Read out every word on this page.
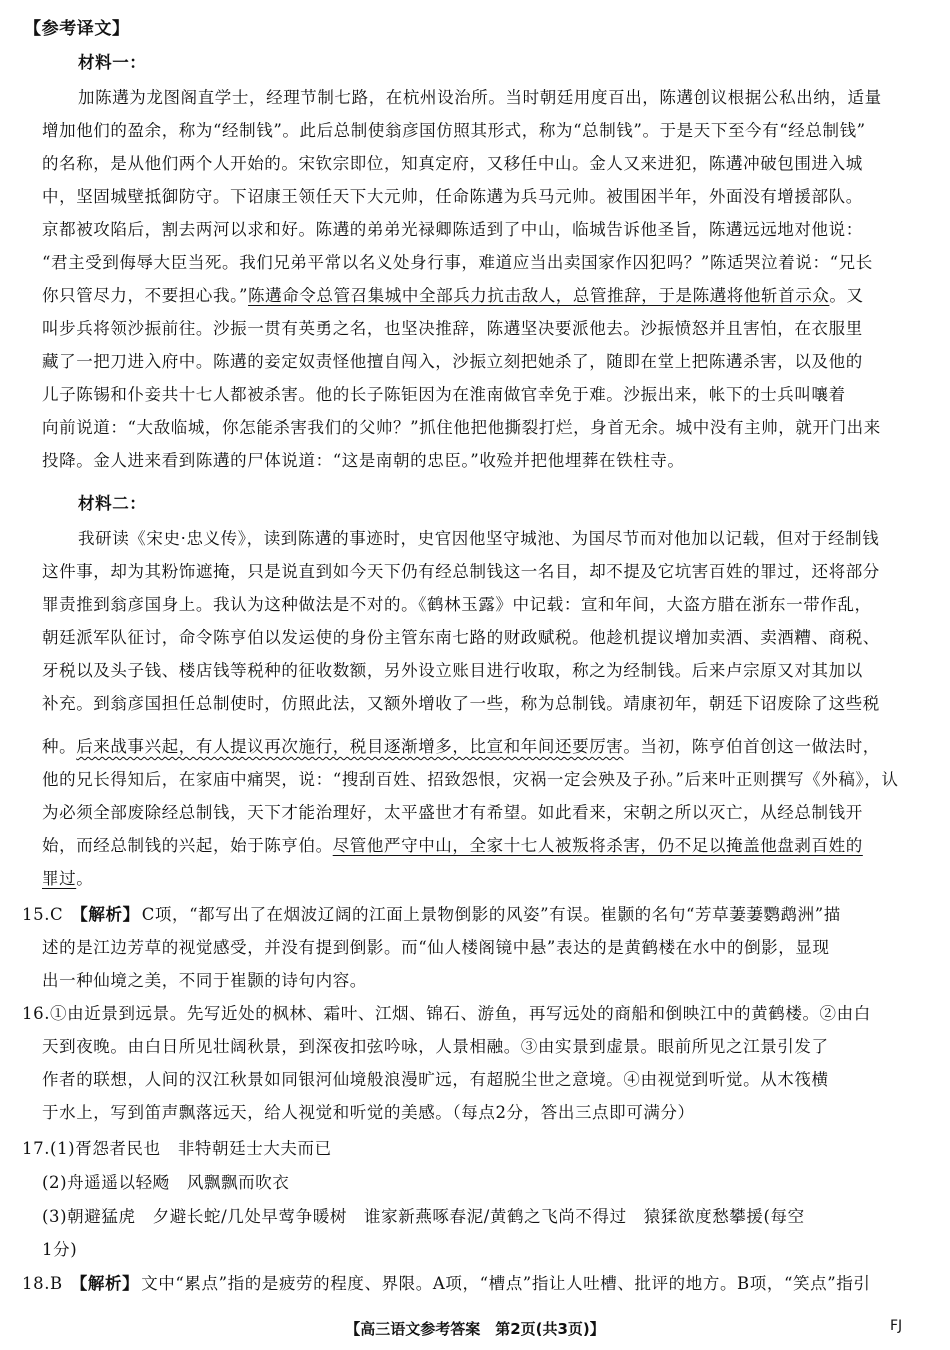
【参考译文】
材料一：
加陈遘为龙图阁直学士，经理节制七路，在杭州设治所。当时朝廷用度百出，陈遘创议根据公私出纳，适量
增加他们的盈余，称为“经制钱”。此后总制使翁彦国仿照其形式，称为“总制钱”。于是天下至今有“经总制钱”
的名称，是从他们两个人开始的。宋钦宗即位，知真定府，又移任中山。金人又来进犯，陈遘冲破包围进入城
中，坚固城壁抵御防守。下诏康王领任天下大元帅，任命陈遘为兵马元帅。被围困半年，外面没有增援部队。
京都被攻陷后，割去两河以求和好。陈遘的弟弟光禄卿陈适到了中山，临城告诉他圣旨，陈遘远远地对他说：
“君主受到侮辱大臣当死。我们兄弟平常以名义处身行事，难道应当出卖国家作囚犯吗？”陈适哭泣着说：“兄长
你只管尽力，不要担心我。”陈遘命令总管召集城中全部兵力抗击敌人，总管推辞，于是陈遘将他斩首示众。又
叫步兵将领沙振前往。沙振一贯有英勇之名，也坚决推辞，陈遘坚决要派他去。沙振愤怒并且害怕，在衣服里
藏了一把刀进入府中。陈遘的妾定奴责怪他擅自闯入，沙振立刻把她杀了，随即在堂上把陈遘杀害，以及他的
儿子陈锡和仆妾共十七人都被杀害。他的长子陈钜因为在淮南做官幸免于难。沙振出来，帐下的士兵叫嚷着
向前说道：“大敌临城，你怎能杀害我们的父帅？”抓住他把他撕裂打烂，身首无余。城中没有主帅，就开门出来
投降。金人进来看到陈遘的尸体说道：“这是南朝的忠臣。”收殓并把他埋葬在铁柱寺。
材料二：
我研读《宋史·忠义传》，读到陈遘的事迹时，史官因他坚守城池、为国尽节而对他加以记载，但对于经制钱
这件事，却为其粉饰遮掩，只是说直到如今天下仍有经总制钱这一名目，却不提及它坑害百姓的罪过，还将部分
罪责推到翁彦国身上。我认为这种做法是不对的。《鹤林玉露》中记载：宣和年间，大盗方腊在浙东一带作乱，
朝廷派军队征讨，命令陈亨伯以发运使的身份主管东南七路的财政赋税。他趁机提议增加卖酒、卖酒糟、商税、
牙税以及头子钱、楼店钱等税种的征收数额，另外设立账目进行收取，称之为经制钱。后来卢宗原又对其加以
补充。到翁彦国担任总制使时，仿照此法，又额外增收了一些，称为总制钱。靖康初年，朝廷下诏废除了这些税
种。后来战事兴起，有人提议再次施行，税目逐渐增多，比宣和年间还要厉害。当初，陈亨伯首创这一做法时，
他的兄长得知后，在家庙中痛哭，说：“搜刮百姓、招致怨恨，灾祸一定会殃及子孙。”后来叶正则撰写《外稿》，认
为必须全部废除经总制钱，天下才能治理好，太平盛世才有希望。如此看来，宋朝之所以灭亡，从经总制钱开
始，而经总制钱的兴起，始于陈亨伯。尽管他严守中山，全家十七人被叛将杀害，仍不足以掩盖他盘剥百姓的
罪过。
15.C 【解析】 C项，“都写出了在烟波辽阔的江面上景物倒影的风姿”有误。崔颢的名句“芳草萋萋鹦鹉洲”描
述的是江边芳草的视觉感受，并没有提到倒影。而“仙人楼阁镜中悬”表达的是黄鹤楼在水中的倒影，显现
出一种仙境之美，不同于崔颢的诗句内容。
16.①由近景到远景。先写近处的枫林、霜叶、江烟、锦石、游鱼，再写远处的商船和倒映江中的黄鹤楼。②由白
天到夜晚。由白日所见壮阔秋景，到深夜扣弦吟咏，人景相融。③由实景到虚景。眼前所见之江景引发了
作者的联想，人间的汉江秋景如同银河仙境般浪漫旷远，有超脱尘世之意境。④由视觉到听觉。从木筏横
于水上，写到笛声飘落远天，给人视觉和听觉的美感。（每点2分，答出三点即可满分）
17.(1)胥怨者民也　非特朝廷士大夫而已
(2)舟遥遥以轻飏　风飘飘而吹衣
(3)朝避猛虎　夕避长蛇/几处早莺争暖树　谁家新燕啄春泥/黄鹤之飞尚不得过　猿猱欲度愁攀援(每空
1分)
18.B 【解析】 文中“累点”指的是疲劳的程度、界限。A项，“槽点”指让人吐槽、批评的地方。B项，“笑点”指引
【高三语文参考答案　第2页(共3页)】	FJ
